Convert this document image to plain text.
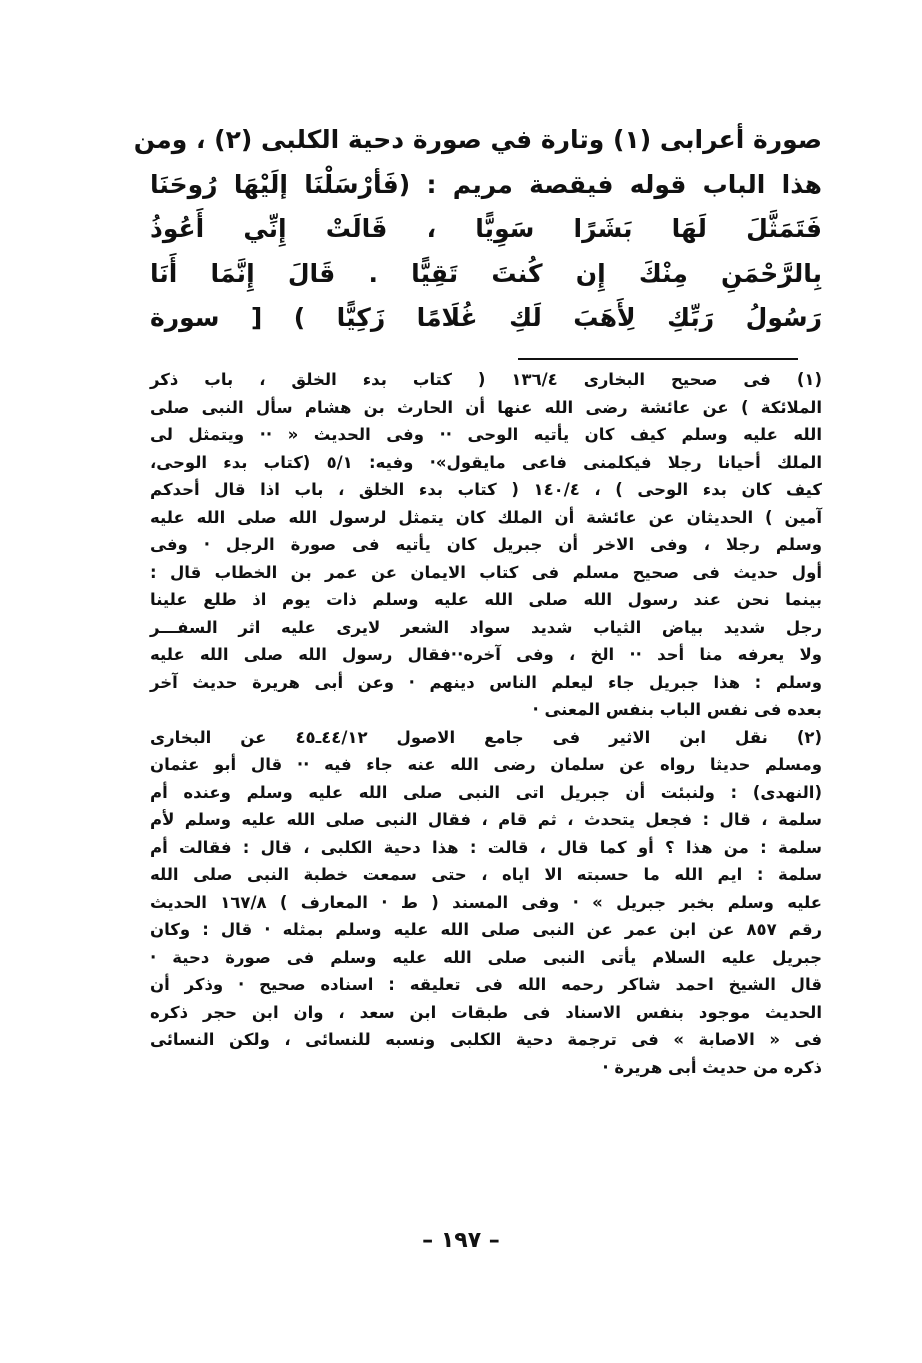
صورة أعرابى (١) وتارة في صورة دحية الكلبى (٢) ، ومن
هذا الباب قوله فيقصة مريم : (فَأرْسَلْنَا إلَيْهَا رُوحَنَا
فَتَمَثَّلَ لَهَا بَشَرًا سَوِيًّا ، قَالَتْ إِنِّي أَعُوذُ
بِالرَّحْمَنِ مِنْكَ إِن كُنتَ تَقِيًّا . قَالَ إِنَّمَا أَنَا
رَسُولُ رَبِّكِ لِأَهَبَ لَكِ غُلَامًا زَكِيًّا ) [ سورة
(١) فى صحيح البخارى ١٣٦/٤ ( كتاب بدء الخلق ، باب ذكر
الملائكة ) عن عائشة رضى الله عنها أن الحارث بن هشام سأل النبى صلى
الله عليه وسلم كيف كان يأتيه الوحى ·· وفى الحديث « ·· ويتمثل لى
الملك أحيانا رجلا فيكلمنى فاعى مايقول»· وفيه: ٥/١ (كتاب بدء الوحى،
كيف كان بدء الوحى ) ، ١٤٠/٤ ( كتاب بدء الخلق ، باب اذا قال أحدكم
آمين ) الحديثان عن عائشة أن الملك كان يتمثل لرسول الله صلى الله عليه
وسلم رجلا ، وفى الاخر أن جبريل كان يأتيه فى صورة الرجل · وفى
أول حديث فى صحيح مسلم فى كتاب الايمان عن عمر بن الخطاب قال :
بينما نحن عند رسول الله صلى الله عليه وسلم ذات يوم اذ طلع علينا
رجل شديد بياض الثياب شديد سواد الشعر لايرى عليه اثر السفـــر
ولا يعرفه منا أحد ·· الخ ، وفى آخره··فقال رسول الله صلى الله عليه
وسلم : هذا جبريل جاء ليعلم الناس دينهم · وعن أبى هريرة حديث آخر
بعده فى نفس الباب بنفس المعنى ·
(٢) نقل ابن الاثير فى جامع الاصول ٤٤/١٢ـ٤٥ عن البخارى
ومسلم حديثا رواه عن سلمان رضى الله عنه جاء فيه ·· قال أبو عثمان
(النهدى) : ولنبئت أن جبريل اتى النبى صلى الله عليه وسلم وعنده أم
سلمة ، قال : فجعل يتحدث ، ثم قام ، فقال النبى صلى الله عليه وسلم لأم
سلمة : من هذا ؟ أو كما قال ، قالت : هذا دحية الكلبى ، قال : فقالت أم
سلمة : ايم الله ما حسبته الا اياه ، حتى سمعت خطبة النبى صلى الله
عليه وسلم بخبر جبريل » · وفى المسند ( ط · المعارف ) ١٦٧/٨ الحديث
رقم ٨٥٧ عن ابن عمر عن النبى صلى الله عليه وسلم بمثله · قال : وكان
جبريل عليه السلام يأتى النبى صلى الله عليه وسلم فى صورة دحية ·
قال الشيخ احمد شاكر رحمه الله فى تعليقه : اسناده صحيح · وذكر أن
الحديث موجود بنفس الاسناد فى طبقات ابن سعد ، وان ابن حجر ذكره
فى « الاصابة » فى ترجمة دحية الكلبى ونسبه للنسائى ، ولكن النسائى
ذكره من حديث أبى هريرة ·
– ١٩٧ –
